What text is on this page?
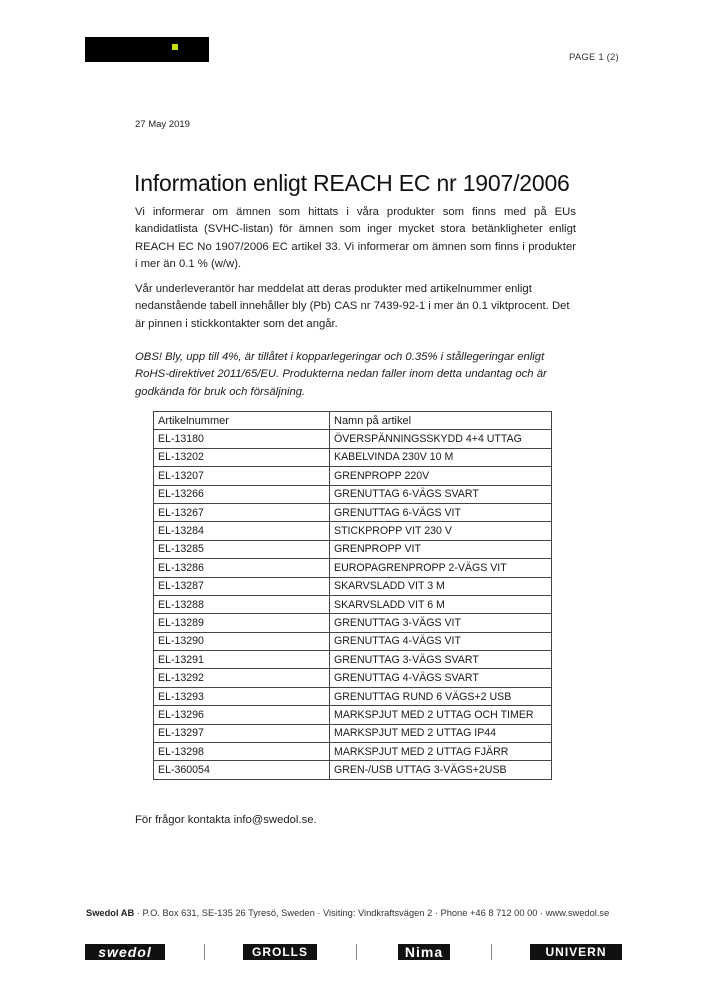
PAGE 1 (2)
27 May 2019
Information enligt REACH EC nr 1907/2006

Vi informerar om ämnen som hittats i våra produkter som finns med på EUs kandidatlista (SVHC-listan) för ämnen som inger mycket stora betänkligheter enligt REACH EC No 1907/2006 EC artikel 33. Vi informerar om ämnen som finns i produkter i mer än 0.1 % (w/w).

Vår underleverantör har meddelat att deras produkter med artikelnummer enligt nedanstående tabell innehåller bly (Pb) CAS nr 7439-92-1 i mer än 0.1 viktprocent. Det är pinnen i stickkontakter som det angår.

OBS! Bly, upp till 4%, är tillåtet i kopparlegeringar och 0.35% i stållegeringar enligt RoHS-direktivet 2011/65/EU. Produkterna nedan faller inom detta undantag och är godkända för bruk och försäljning.

Artikelnummer	Namn på artikel
EL-13180	ÖVERSPÄNNINGSSKYDD 4+4 UTTAG
EL-13202	KABELVINDA 230V 10 M
EL-13207	GRENPROPP 220V
EL-13266	GRENUTTAG 6-VÄGS SVART
EL-13267	GRENUTTAG 6-VÄGS VIT
EL-13284	STICKPROPP VIT 230 V
EL-13285	GRENPROPP VIT
EL-13286	EUROPAGRENPROPP 2-VÄGS VIT
EL-13287	SKARVSLADD VIT 3 M
EL-13288	SKARVSLADD VIT 6 M
EL-13289	GRENUTTAG 3-VÄGS VIT
EL-13290	GRENUTTAG 4-VÄGS VIT
EL-13291	GRENUTTAG 3-VÄGS SVART
EL-13292	GRENUTTAG 4-VÄGS SVART
EL-13293	GRENUTTAG RUND 6 VÄGS+2 USB
EL-13296	MARKSPJUT MED 2 UTTAG OCH TIMER
EL-13297	MARKSPJUT MED 2 UTTAG IP44
EL-13298	MARKSPJUT MED 2 UTTAG FJÄRR
EL-360054	GREN-/USB UTTAG 3-VÄGS+2USB

För frågor kontakta info@swedol.se.

Swedol AB · P.O. Box 631, SE-135 26 Tyresö, Sweden · Visiting: Vindkraftsvägen 2 · Phone +46 8 712 00 00 · www.swedol.se
swedol	GROLLS	Nima	UNIVERN
